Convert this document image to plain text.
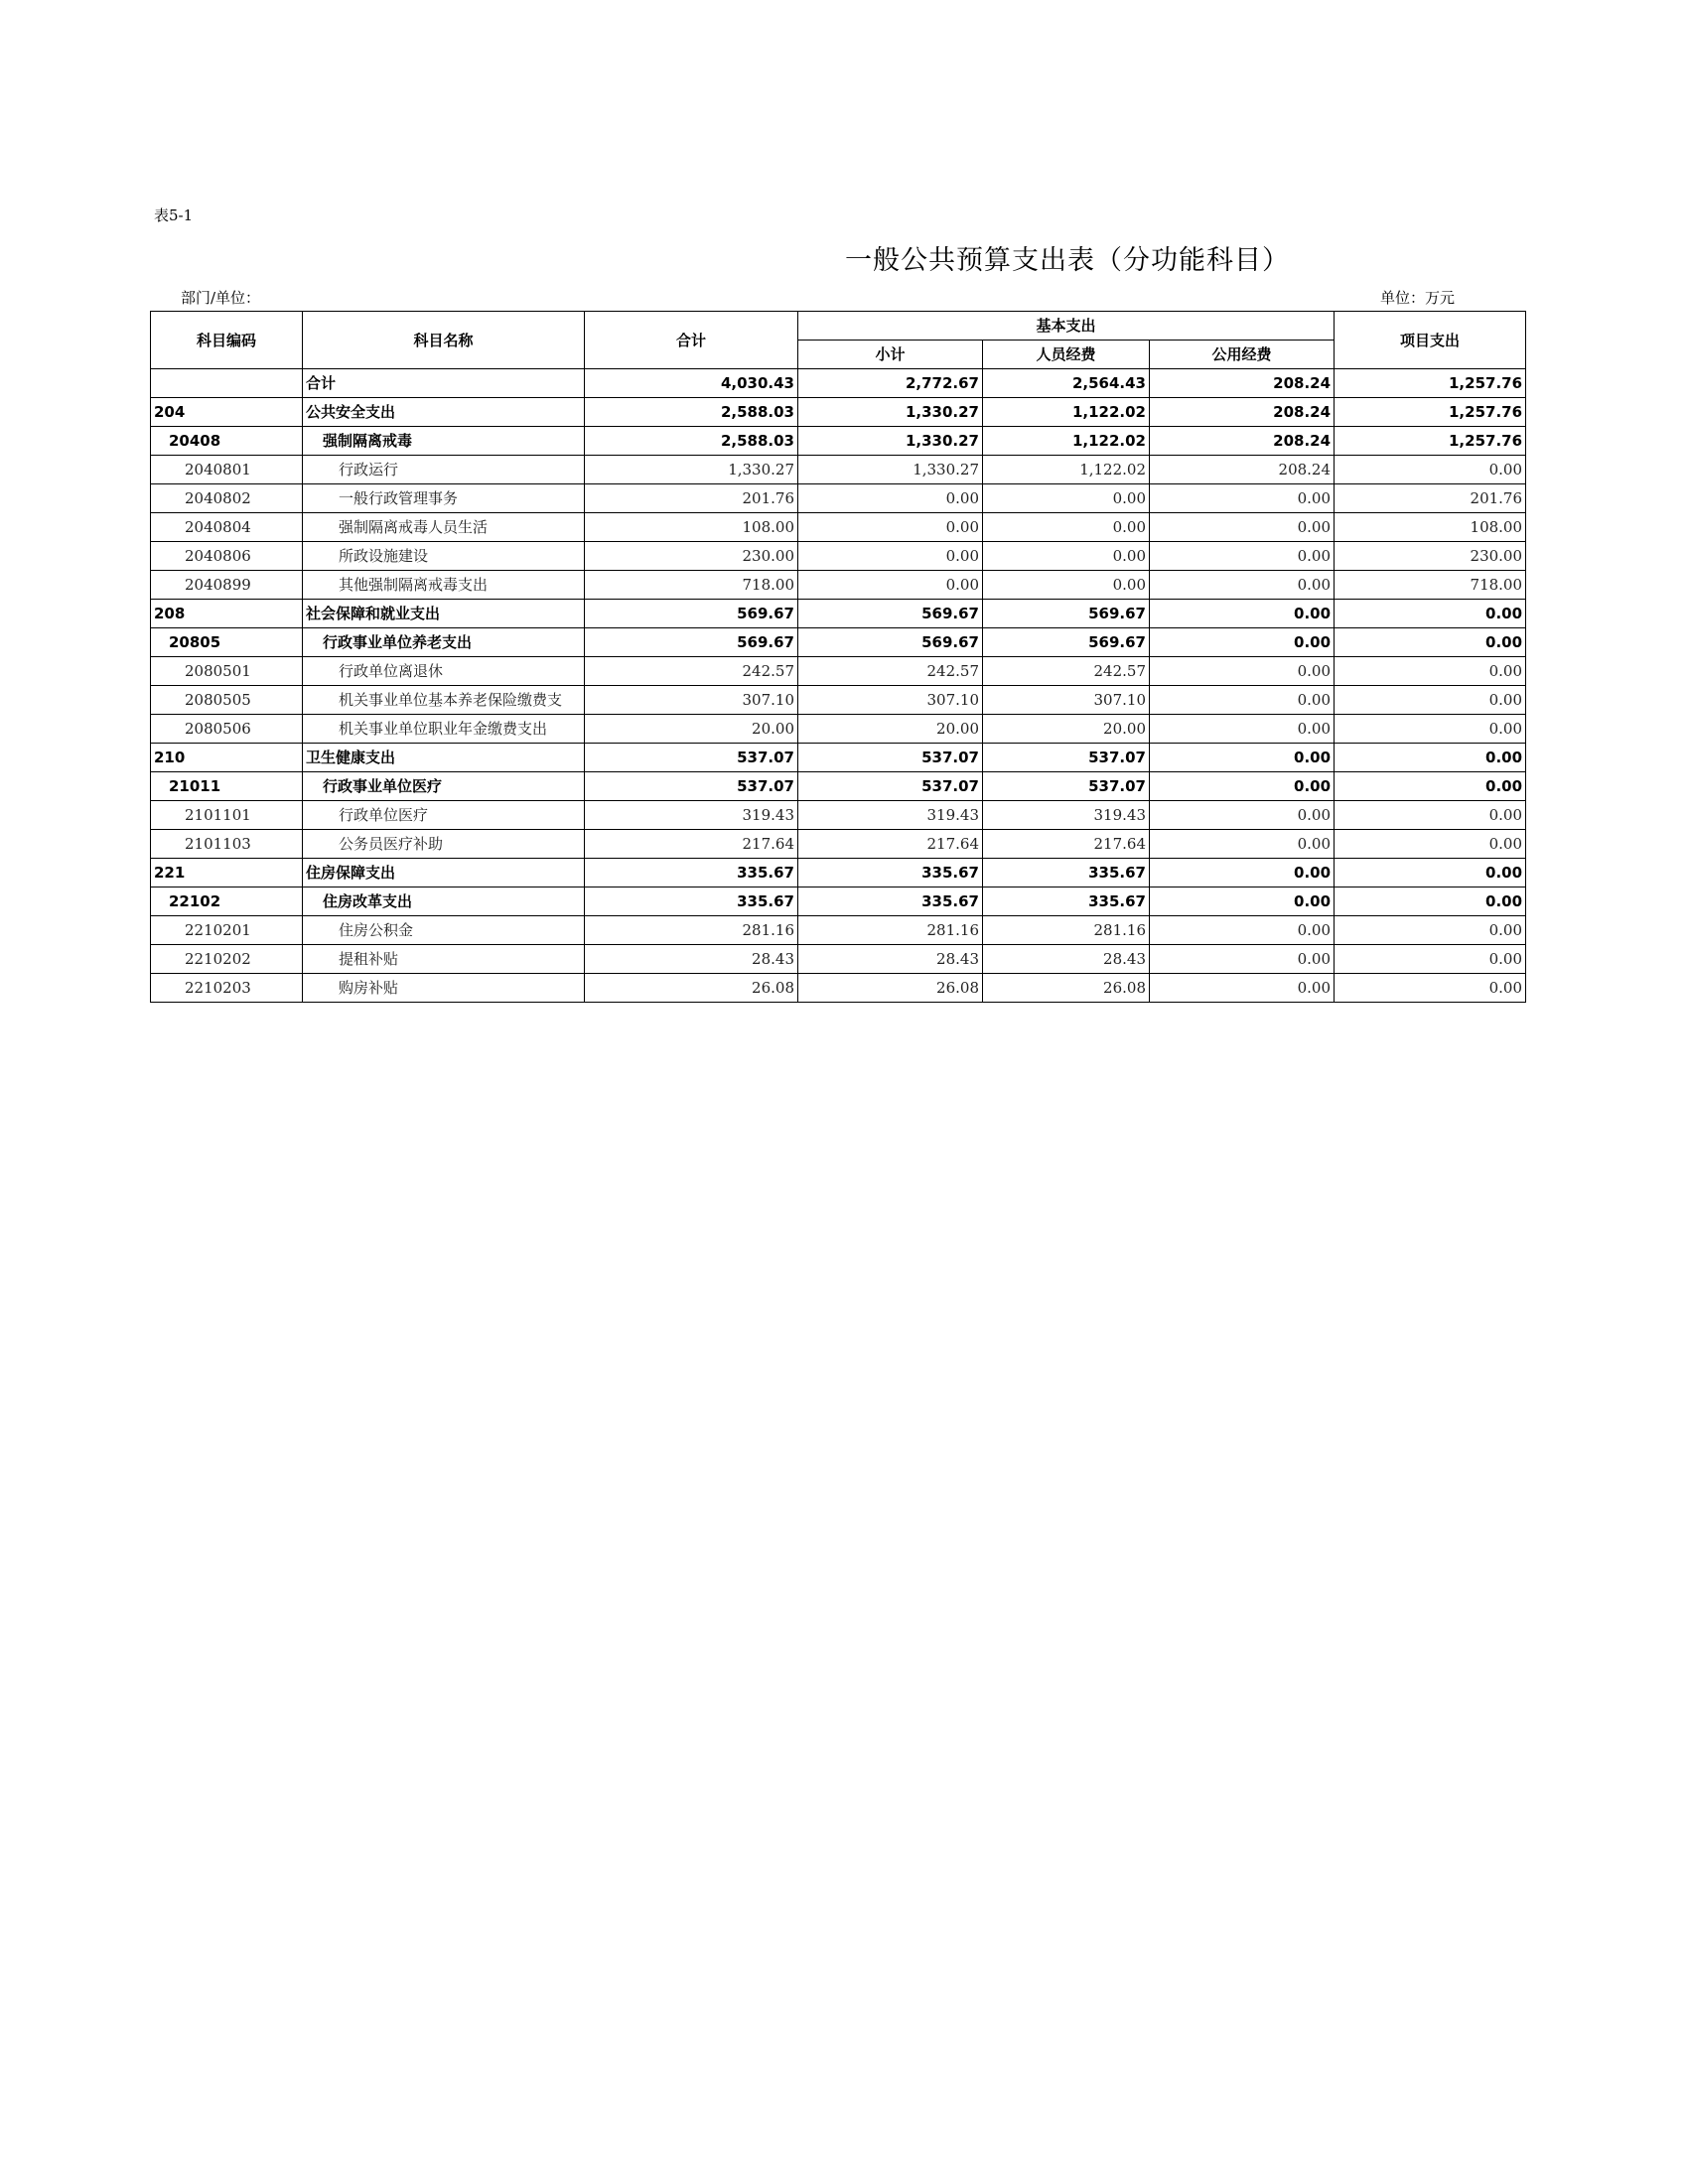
表5-1
一般公共预算支出表（分功能科目）
部门/单位：	单位：万元
科目编码	科目名称	合计	基本支出			项目支出
			小计	人员经费	公用经费	
	合计	4,030.43	2,772.67	2,564.43	208.24	1,257.76
204	公共安全支出	2,588.03	1,330.27	1,122.02	208.24	1,257.76
20408	强制隔离戒毒	2,588.03	1,330.27	1,122.02	208.24	1,257.76
2040801	行政运行	1,330.27	1,330.27	1,122.02	208.24	0.00
2040802	一般行政管理事务	201.76	0.00	0.00	0.00	201.76
2040804	强制隔离戒毒人员生活	108.00	0.00	0.00	0.00	108.00
2040806	所政设施建设	230.00	0.00	0.00	0.00	230.00
2040899	其他强制隔离戒毒支出	718.00	0.00	0.00	0.00	718.00
208	社会保障和就业支出	569.67	569.67	569.67	0.00	0.00
20805	行政事业单位养老支出	569.67	569.67	569.67	0.00	0.00
2080501	行政单位离退休	242.57	242.57	242.57	0.00	0.00
2080505	机关事业单位基本养老保险缴费支	307.10	307.10	307.10	0.00	0.00
2080506	机关事业单位职业年金缴费支出	20.00	20.00	20.00	0.00	0.00
210	卫生健康支出	537.07	537.07	537.07	0.00	0.00
21011	行政事业单位医疗	537.07	537.07	537.07	0.00	0.00
2101101	行政单位医疗	319.43	319.43	319.43	0.00	0.00
2101103	公务员医疗补助	217.64	217.64	217.64	0.00	0.00
221	住房保障支出	335.67	335.67	335.67	0.00	0.00
22102	住房改革支出	335.67	335.67	335.67	0.00	0.00
2210201	住房公积金	281.16	281.16	281.16	0.00	0.00
2210202	提租补贴	28.43	28.43	28.43	0.00	0.00
2210203	购房补贴	26.08	26.08	26.08	0.00	0.00
